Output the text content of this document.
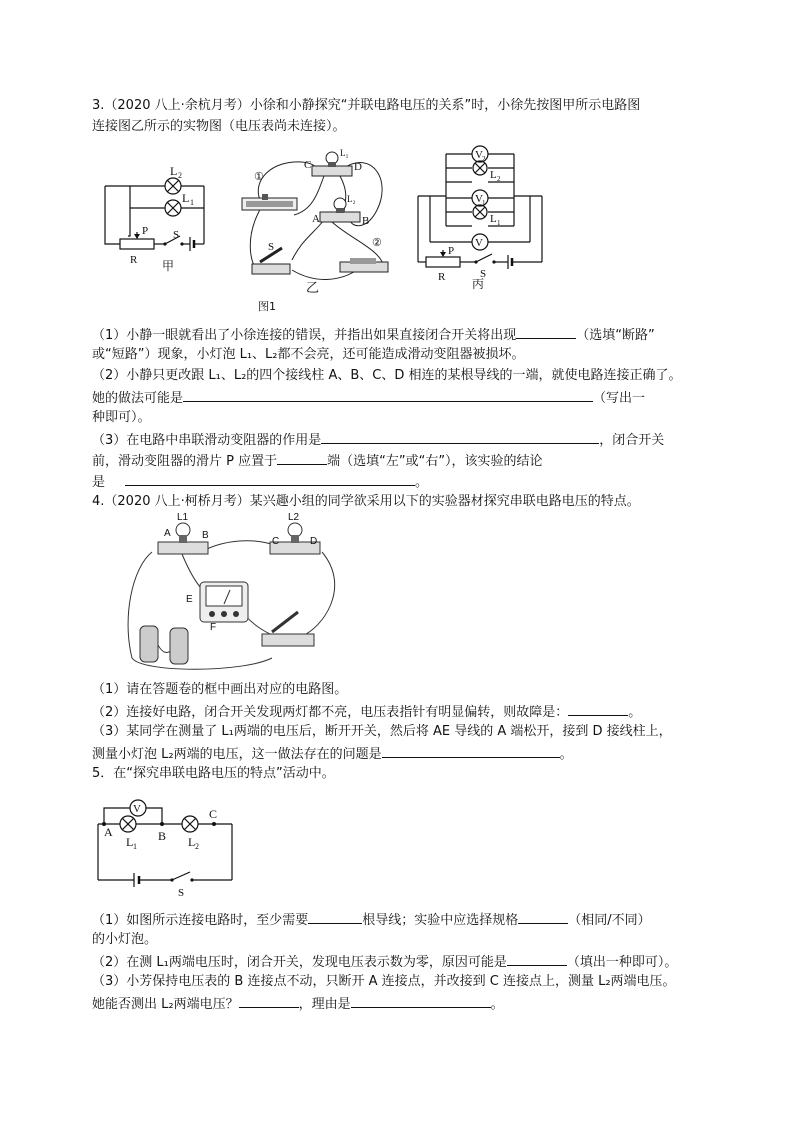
3.（2020 八上·余杭月考）小徐和小静探究“并联电路电压的关系”时，小徐先按图甲所示电路图
连接图乙所示的实物图（电压表尚未连接）。
L 2
L 1
P
R
S
甲
①
②
C	D
A	B
L₁
L₂
S
乙
图1
V 2
V 1
V
L 2
L 1
P
R	S
丙
（1）小静一眼就看出了小徐连接的错误，并指出如果直接闭合开关将出现	（选填“断路”
或“短路”）现象，小灯泡 L₁、L₂都不会亮，还可能造成滑动变阻器被损坏。
（2）小静只更改跟 L₁、L₂的四个接线柱 A、B、C、D 相连的某根导线的一端，就使电路连接正确了。
她的做法可能是	（写出一
种即可）。
（3）在电路中串联滑动变阻器的作用是	，闭合开关
前，滑动变阻器的滑片 P 应置于	端（选填“左”或“右”），该实验的结论
是	。
4.（2020 八上·柯桥月考）某兴趣小组的同学欲采用以下的实验器材探究串联电路电压的特点。
L1	L2
A	B
C	D
E
F
（1）请在答题卷的框中画出对应的电路图。
（2）连接好电路，闭合开关发现两灯都不亮，电压表指针有明显偏转，则故障是：	。
（3）某同学在测量了 L₁两端的电压后，断开开关，然后将 AE 导线的 A 端松开，接到 D 接线柱上，
测量小灯泡 L₂两端的电压，这一做法存在的问题是	。
5．在“探究串联电路电压的特点”活动中。
V
A	B
C
L 1	L 2
S
（1）如图所示连接电路时，至少需要	根导线；实验中应选择规格	（相同/不同）
的小灯泡。
（2）在测 L₁两端电压时，闭合开关，发现电压表示数为零，原因可能是	（填出一种即可）。
（3）小芳保持电压表的 B 连接点不动，只断开 A 连接点，并改接到 C 连接点上，测量 L₂两端电压。
她能否测出 L₂两端电压？	，理由是	。
